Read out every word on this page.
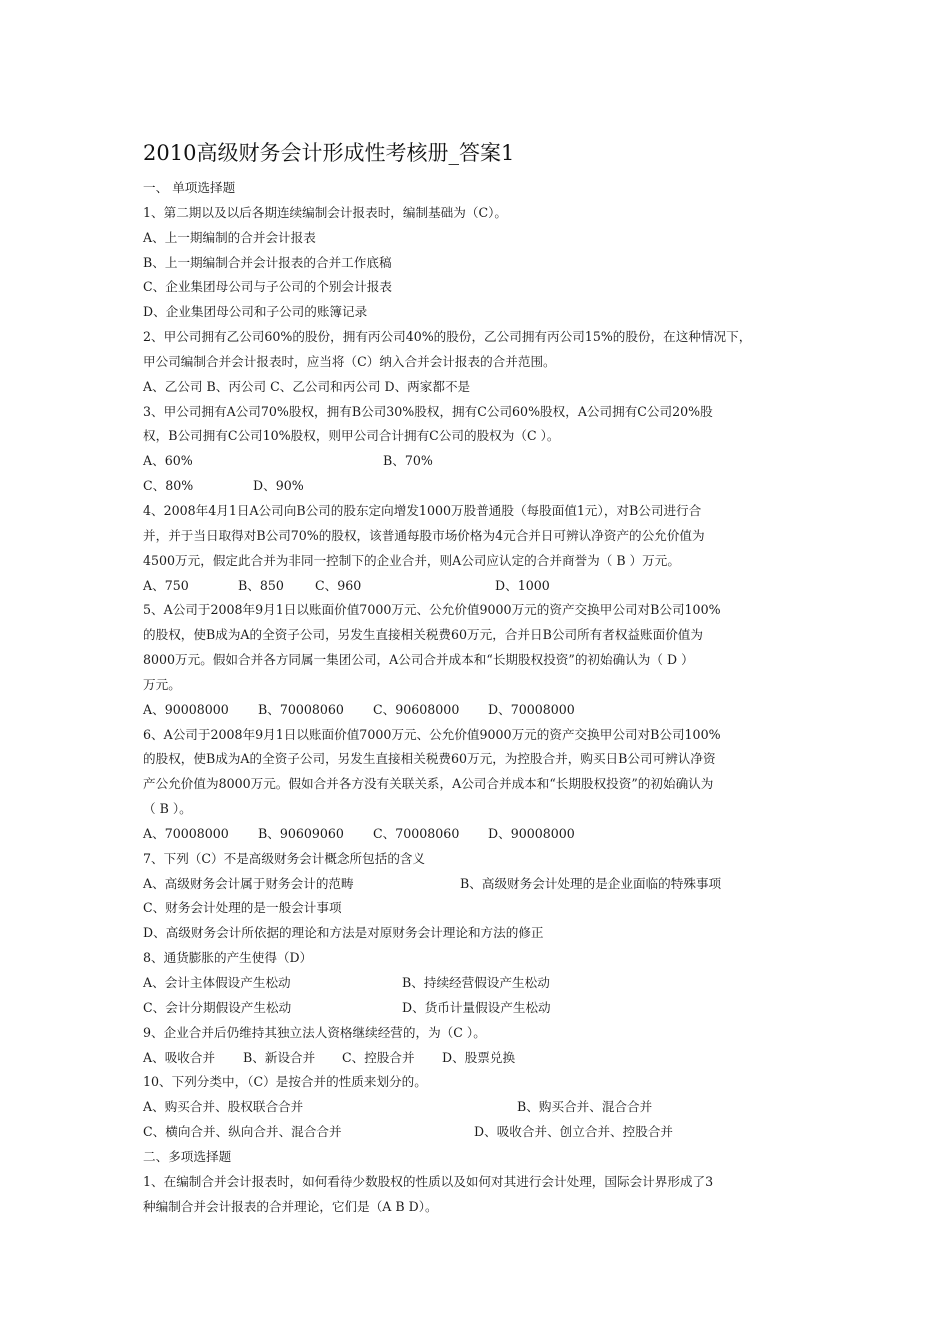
2010高级财务会计形成性考核册_答案1
一、 单项选择题
1、第二期以及以后各期连续编制会计报表时，编制基础为（C）。
A、上一期编制的合并会计报表
B、上一期编制合并会计报表的合并工作底稿
C、企业集团母公司与子公司的个别会计报表
D、企业集团母公司和子公司的账簿记录
2、甲公司拥有乙公司60%的股份，拥有丙公司40%的股份，乙公司拥有丙公司15%的股份，在这种情况下，
甲公司编制合并会计报表时，应当将（C）纳入合并会计报表的合并范围。
A、乙公司 B、丙公司 C、乙公司和丙公司 D、两家都不是
3、甲公司拥有A公司70%股权，拥有B公司30%股权，拥有C公司60%股权，A公司拥有C公司20%股
权，B公司拥有C公司10%股权，则甲公司合计拥有C公司的股权为（C ）。
A、60%	B、70%
C、80%	D、90%
4、2008年4月1日A公司向B公司的股东定向增发1000万股普通股（每股面值1元），对B公司进行合
并，并于当日取得对B公司70%的股权，该普通每股市场价格为4元合并日可辨认净资产的公允价值为
4500万元，假定此合并为非同一控制下的企业合并，则A公司应认定的合并商誉为（ B ）万元。
A、750	B、850 C、960	D、1000
5、A公司于2008年9月1日以账面价值7000万元、公允价值9000万元的资产交换甲公司对B公司100%
的股权，使B成为A的全资子公司，另发生直接相关税费60万元，合并日B公司所有者权益账面价值为
8000万元。假如合并各方同属一集团公司，A公司合并成本和“长期股权投资”的初始确认为（ D ）
万元。
A、90008000 B、70008060 C、90608000 D、70008000
6、A公司于2008年9月1日以账面价值7000万元、公允价值9000万元的资产交换甲公司对B公司100%
的股权，使B成为A的全资子公司，另发生直接相关税费60万元，为控股合并，购买日B公司可辨认净资
产公允价值为8000万元。假如合并各方没有关联关系，A公司合并成本和“长期股权投资”的初始确认为
（ B ）。
A、70008000 B、90609060 C、70008060 D、90008000
7、下列（C）不是高级财务会计概念所包括的含义
A、高级财务会计属于财务会计的范畴	B、高级财务会计处理的是企业面临的特殊事项
C、财务会计处理的是一般会计事项
D、高级财务会计所依据的理论和方法是对原财务会计理论和方法的修正
8、通货膨胀的产生使得（D）
A、会计主体假设产生松动	B、持续经营假设产生松动
C、会计分期假设产生松动	D、货币计量假设产生松动
9、企业合并后仍维持其独立法人资格继续经营的，为（C ）。
A、吸收合并 B、新设合并 C、控股合并 D、股票兑换
10、下列分类中，（C）是按合并的性质来划分的。
A、购买合并、股权联合合并	B、购买合并、混合合并
C、横向合并、纵向合并、混合合并	D、吸收合并、创立合并、控股合并
二、多项选择题
1、在编制合并会计报表时，如何看待少数股权的性质以及如何对其进行会计处理，国际会计界形成了3
种编制合并会计报表的合并理论，它们是（A B D）。
